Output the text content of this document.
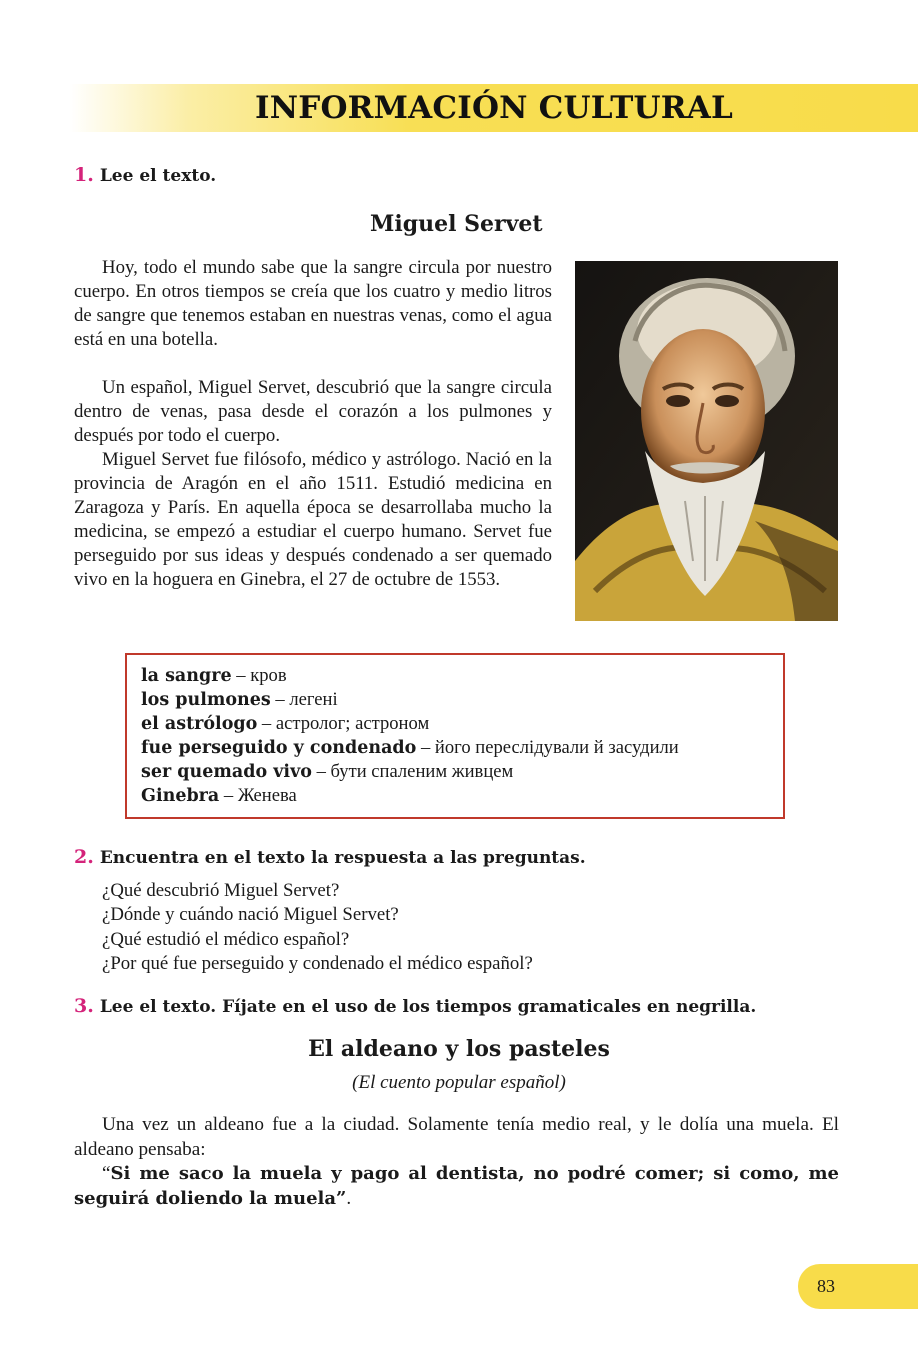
INFORMACIÓN CULTURAL
1. Lee el texto.
Miguel Servet

Hoy, todo el mundo sabe que la sangre circula por nuestro cuerpo. En otros tiempos se creía que los cuatro y medio litros de sangre que tenemos estaban en nuestras venas, como el agua está en una botella.

Un español, Miguel Servet, descubrió que la sangre circula dentro de venas, pasa desde el corazón a los pulmones y después por todo el cuerpo.

Miguel Servet fue filósofo, médico y astrólogo. Nació en la provincia de Aragón en el año 1511. Estudió medicina en Zaragoza y París. En aquella época se desarrollaba mucho la medicina, se empezó a estudiar el cuerpo humano. Servet fue perseguido por sus ideas y después condenado a ser quemado vivo en la hoguera en Ginebra, el 27 de octubre de 1553.

la sangre – кров
los pulmones – легені
el astrólogo – астролог; астроном
fue perseguido y condenado – його переслідували й засудили
ser quemado vivo – бути спаленим живцем
Ginebra – Женева
2. Encuentra en el texto la respuesta a las preguntas.
¿Qué descubrió Miguel Servet?
¿Dónde y cuándo nació Miguel Servet?
¿Qué estudió el médico español?
¿Por qué fue perseguido y condenado el médico español?
3. Lee el texto. Fíjate en el uso de los tiempos gramaticales en negrilla.
El aldeano y los pasteles
(El cuento popular español)

Una vez un aldeano fue a la ciudad. Solamente tenía medio real, y le dolía una muela. El aldeano pensaba:

“Si me saco la muela y pago al dentista, no podré comer; si como, me seguirá doliendo la muela”.

83
